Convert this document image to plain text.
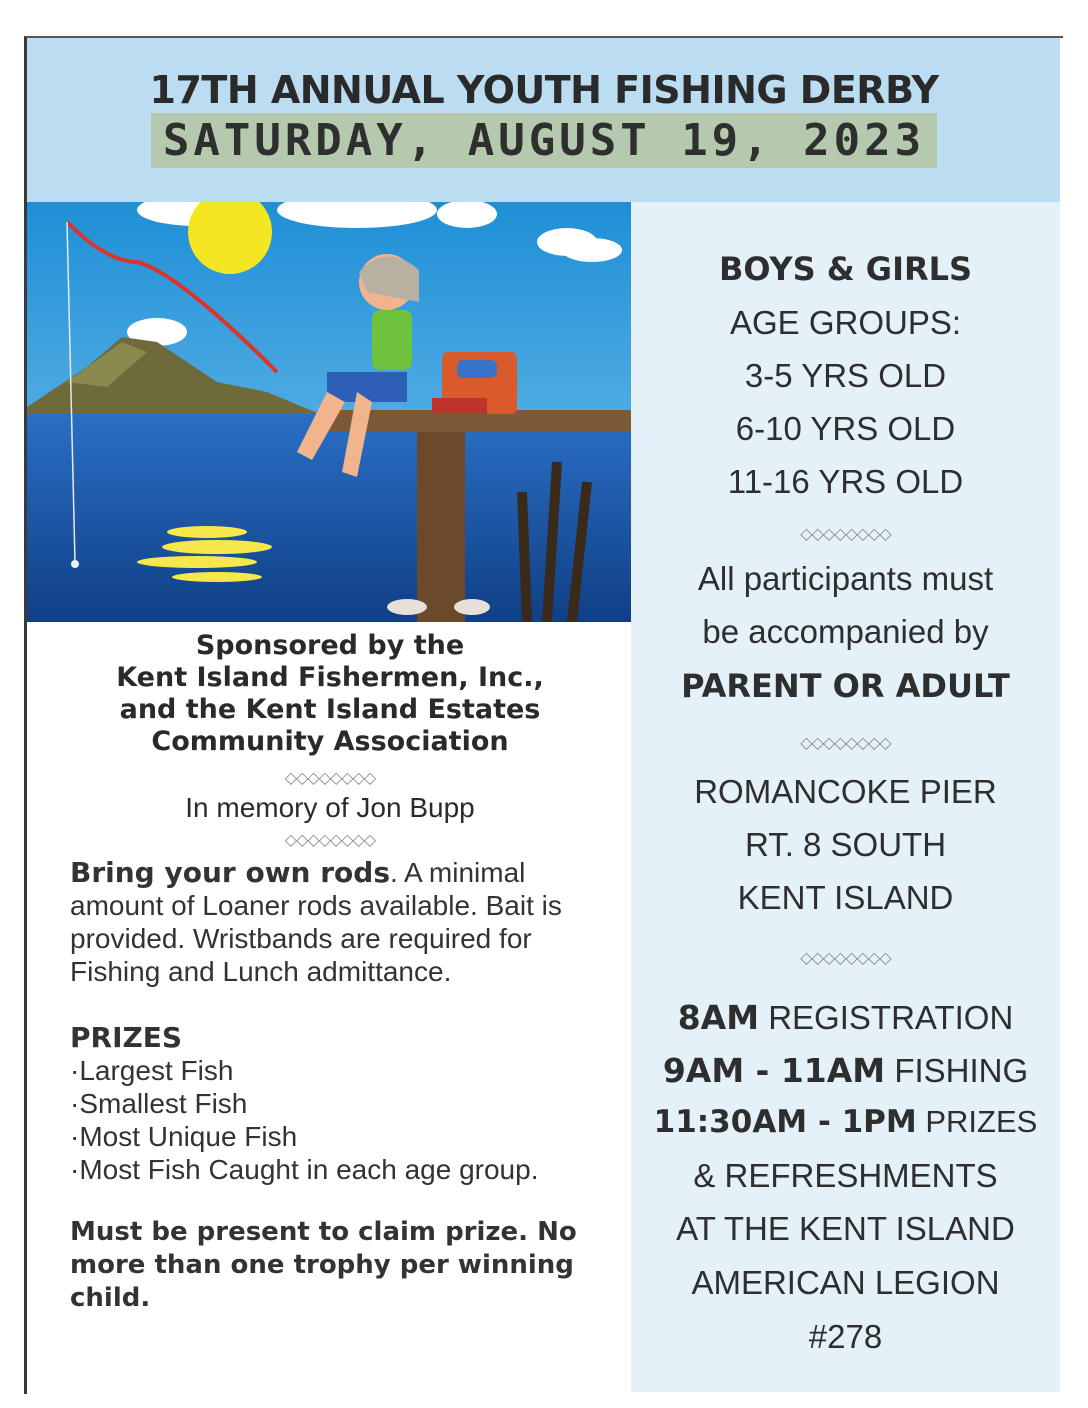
17TH ANNUAL YOUTH FISHING DERBY
SATURDAY, AUGUST 19, 2023
BOYS & GIRLS
AGE GROUPS:
3-5 YRS OLD
6-10 YRS OLD
11-16 YRS OLD
◇◇◇◇◇◇◇◇
All participants must
be accompanied by
PARENT OR ADULT
◇◇◇◇◇◇◇◇
ROMANCOKE PIER
RT. 8 SOUTH
KENT ISLAND
◇◇◇◇◇◇◇◇
8AM REGISTRATION
9AM - 11AM FISHING
11:30AM - 1PM PRIZES
& REFRESHMENTS
AT THE KENT ISLAND
AMERICAN LEGION
#278
Sponsored by the
Kent Island Fishermen, Inc.,
and the Kent Island Estates
Community Association
◇◇◇◇◇◇◇◇
In memory of Jon Bupp
◇◇◇◇◇◇◇◇
Bring your own rods. A minimal amount of Loaner rods available. Bait is provided. Wristbands are required for Fishing and Lunch admittance.
PRIZES
·Largest Fish
·Smallest Fish
·Most Unique Fish
·Most Fish Caught in each age group.
Must be present to claim prize. No more than one trophy per winning child.
